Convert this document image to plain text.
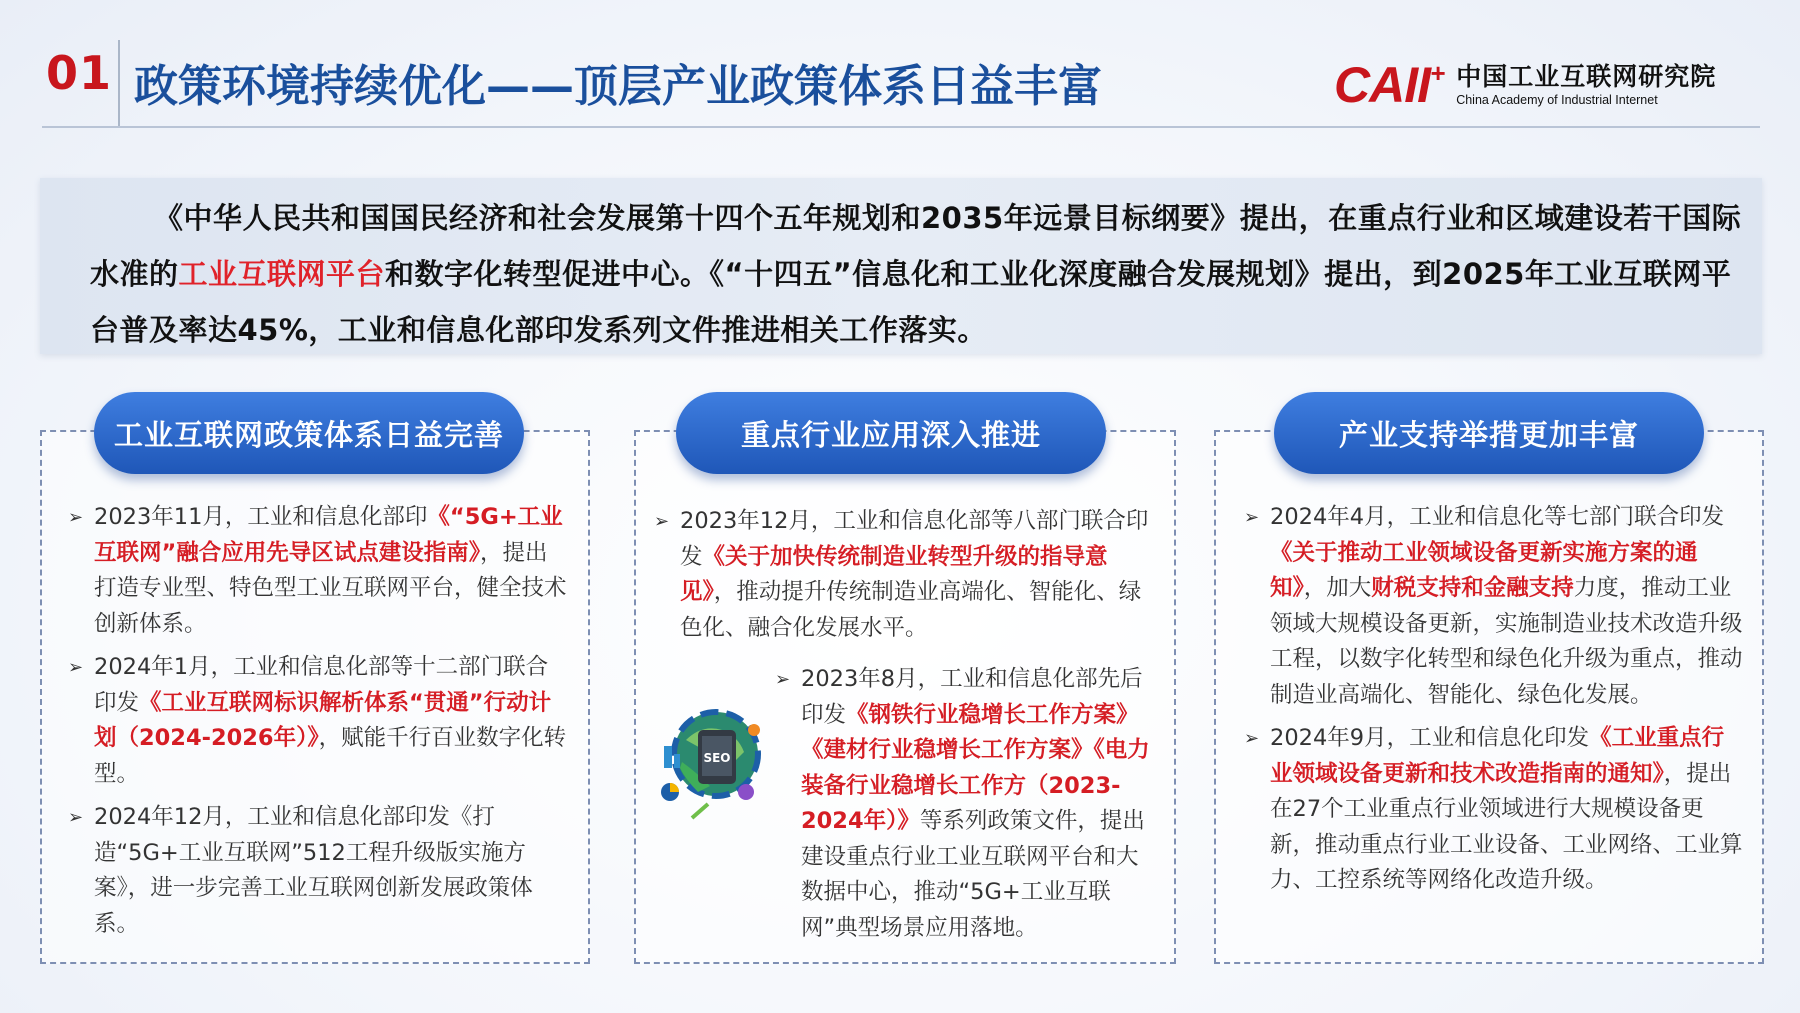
01 政策环境持续优化——顶层产业政策体系日益丰富	CAII+ 中国工业互联网研究院
China Academy of Industrial Internet

《中华人民共和国国民经济和社会发展第十四个五年规划和2035年远景目标纲要》提出，在重点行业和区域建设若干国际水准的工业互联网平台和数字化转型促进中心。《“十四五”信息化和工业化深度融合发展规划》提出，到2025年工业互联网平台普及率达45%，工业和信息化部印发系列文件推进相关工作落实。

工业互联网政策体系日益完善
➢ 2023年11月，工业和信息化部印《“5G+工业互联网”融合应用先导区试点建设指南》，提出打造专业型、特色型工业互联网平台，健全技术创新体系。
➢ 2024年1月，工业和信息化部等十二部门联合印发《工业互联网标识解析体系“贯通”行动计划（2024-2026年）》，赋能千行百业数字化转型。
➢ 2024年12月，工业和信息化部印发《打造“5G+工业互联网”512工程升级版实施方案》，进一步完善工业互联网创新发展政策体系。
重点行业应用深入推进
➢ 2023年12月，工业和信息化部等八部门联合印发《关于加快传统制造业转型升级的指导意见》，推动提升传统制造业高端化、智能化、绿色化、融合化发展水平。
➢ 2023年8月，工业和信息化部先后印发《钢铁行业稳增长工作方案》《建材行业稳增长工作方案》《电力装备行业稳增长工作方（2023-2024年）》等系列政策文件，提出建设重点行业工业互联网平台和大数据中心，推动“5G+工业互联网”典型场景应用落地。
SEO
产业支持举措更加丰富
➢ 2024年4月，工业和信息化等七部门联合印发《关于推动工业领域设备更新实施方案的通知》，加大财税支持和金融支持力度，推动工业领域大规模设备更新，实施制造业技术改造升级工程，以数字化转型和绿色化升级为重点，推动制造业高端化、智能化、绿色化发展。
➢ 2024年9月，工业和信息化印发《工业重点行业领域设备更新和技术改造指南的通知》，提出在27个工业重点行业领域进行大规模设备更新，推动重点行业工业设备、工业网络、工业算力、工控系统等网络化改造升级。
